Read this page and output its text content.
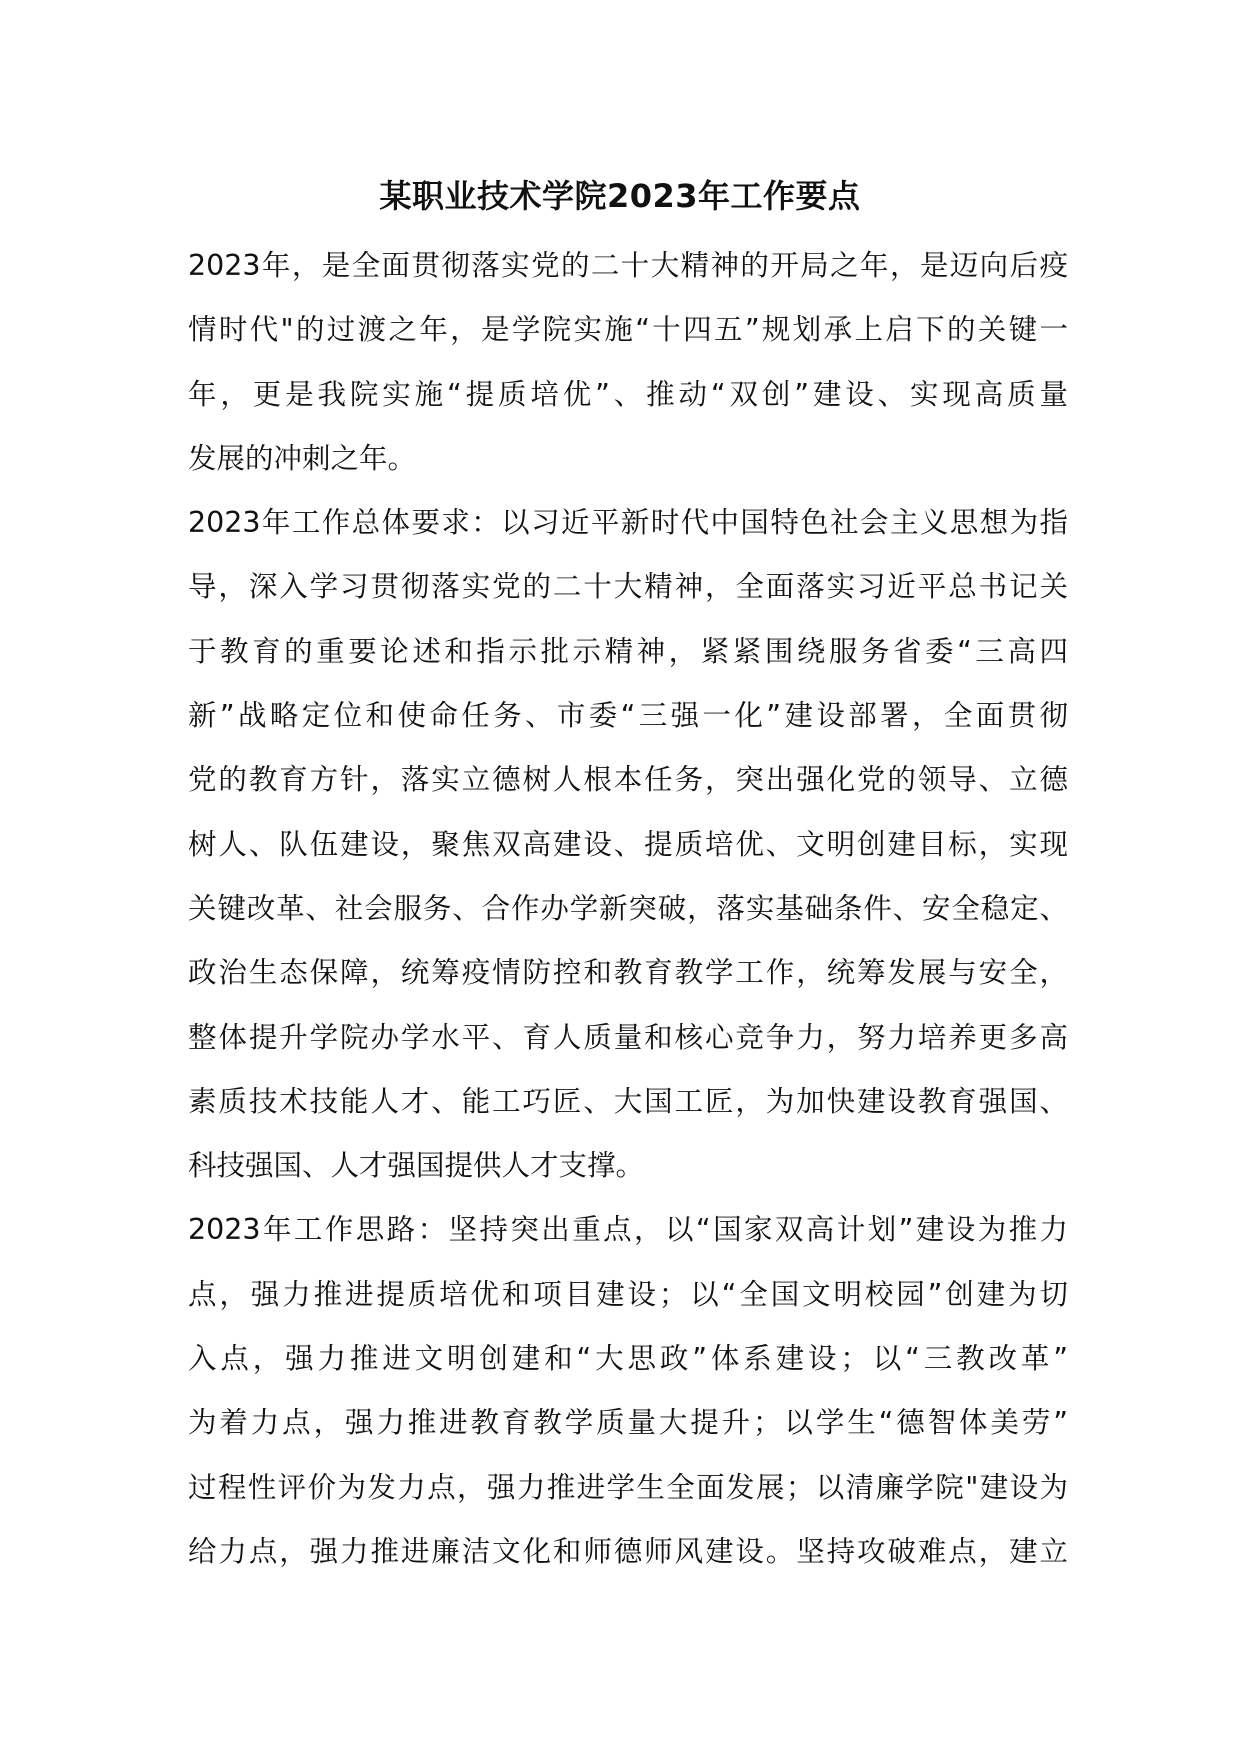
某职业技术学院2023年工作要点

2023年，是全面贯彻落实党的二十大精神的开局之年，是迈向后疫
情时代"的过渡之年，是学院实施“十四五”规划承上启下的关键一
年，更是我院实施“提质培优”、推动“双创”建设、实现高质量
发展的冲刺之年。

2023年工作总体要求：以习近平新时代中国特色社会主义思想为指
导，深入学习贯彻落实党的二十大精神，全面落实习近平总书记关
于教育的重要论述和指示批示精神，紧紧围绕服务省委“三高四
新”战略定位和使命任务、市委“三强一化”建设部署，全面贯彻
党的教育方针，落实立德树人根本任务，突出强化党的领导、立德
树人、队伍建设，聚焦双高建设、提质培优、文明创建目标，实现
关键改革、社会服务、合作办学新突破，落实基础条件、安全稳定、
政治生态保障，统筹疫情防控和教育教学工作，统筹发展与安全，
整体提升学院办学水平、育人质量和核心竞争力，努力培养更多高
素质技术技能人才、能工巧匠、大国工匠，为加快建设教育强国、
科技强国、人才强国提供人才支撑。

2023年工作思路：坚持突出重点，以“国家双高计划”建设为推力
点，强力推进提质培优和项目建设；以“全国文明校园”创建为切
入点，强力推进文明创建和“大思政”体系建设；以“三教改革”
为着力点，强力推进教育教学质量大提升；以学生“德智体美劳”
过程性评价为发力点，强力推进学生全面发展；以清廉学院"建设为
给力点，强力推进廉洁文化和师德师风建设。坚持攻破难点，建立
